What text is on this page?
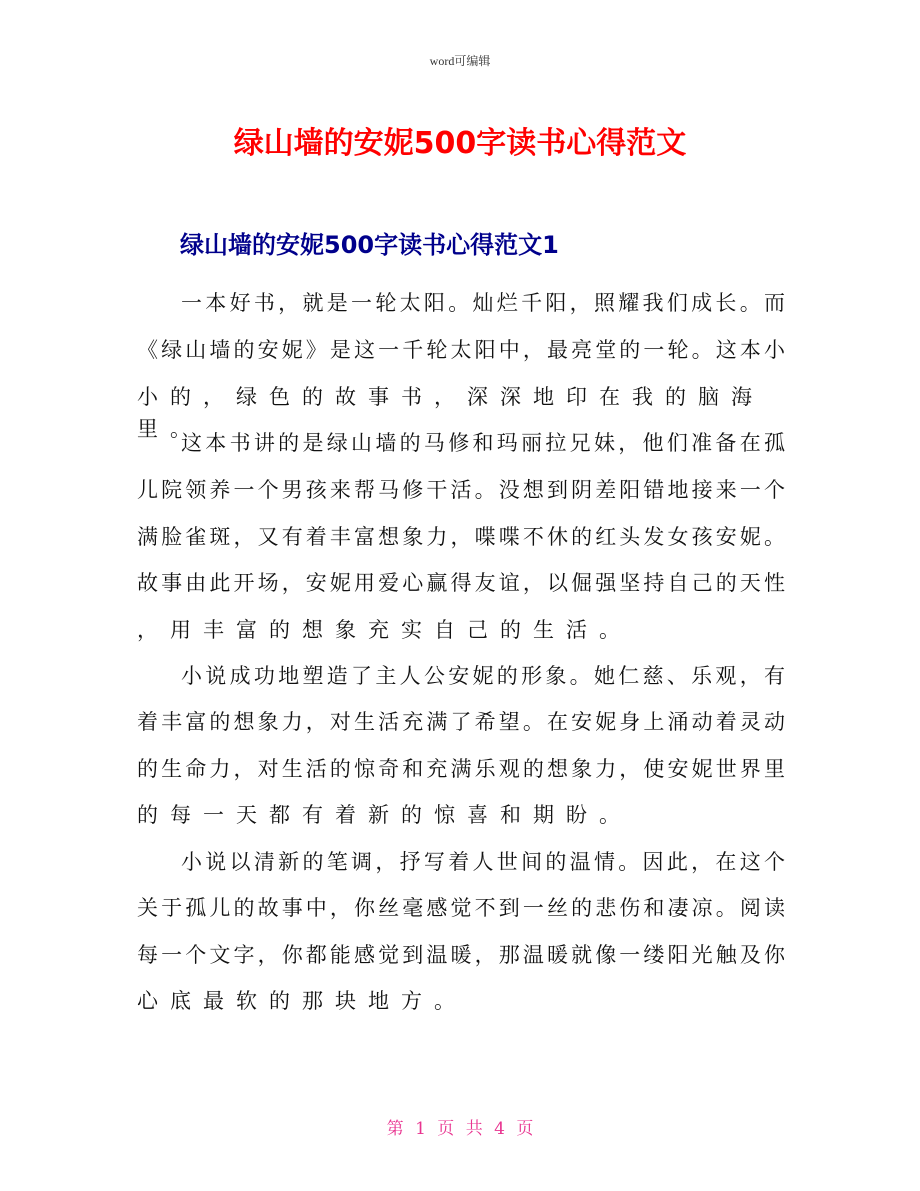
word可编辑
绿山墙的安妮500字读书心得范文
绿山墙的安妮500字读书心得范文1
一本好书，就是一轮太阳。灿烂千阳，照耀我们成长。而
《绿山墙的安妮》是这一千轮太阳中，最亮堂的一轮。这本小
小的，绿色的故事书，深深地印在我的脑海里。
这本书讲的是绿山墙的马修和玛丽拉兄妹，他们准备在孤
儿院领养一个男孩来帮马修干活。没想到阴差阳错地接来一个
满脸雀斑，又有着丰富想象力，喋喋不休的红头发女孩安妮。
故事由此开场，安妮用爱心赢得友谊，以倔强坚持自己的天性
，用丰富的想象充实自己的生活。
小说成功地塑造了主人公安妮的形象。她仁慈、乐观，有
着丰富的想象力，对生活充满了希望。在安妮身上涌动着灵动
的生命力，对生活的惊奇和充满乐观的想象力，使安妮世界里
的每一天都有着新的惊喜和期盼。
小说以清新的笔调，抒写着人世间的温情。因此，在这个
关于孤儿的故事中，你丝毫感觉不到一丝的悲伤和凄凉。阅读
每一个文字，你都能感觉到温暖，那温暖就像一缕阳光触及你
心底最软的那块地方。
第 1 页 共 4 页
